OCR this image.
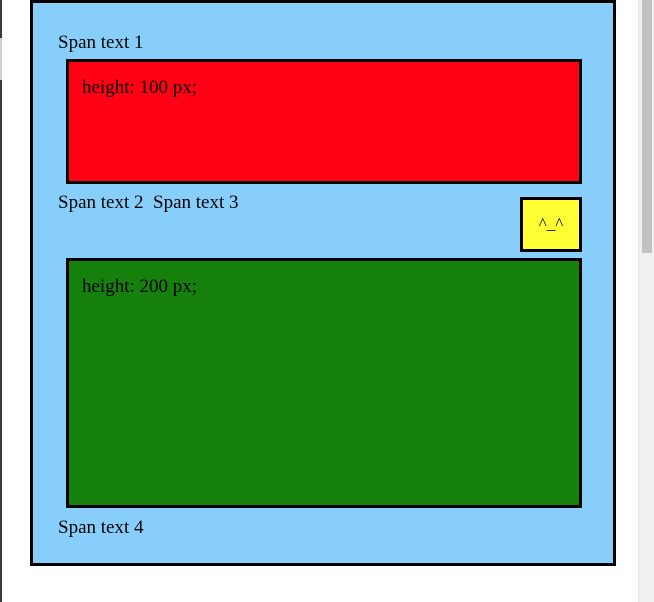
Span text 1
height: 100 px;
Span text 2 Span text 3
^_^
height: 200 px;
Span text 4
